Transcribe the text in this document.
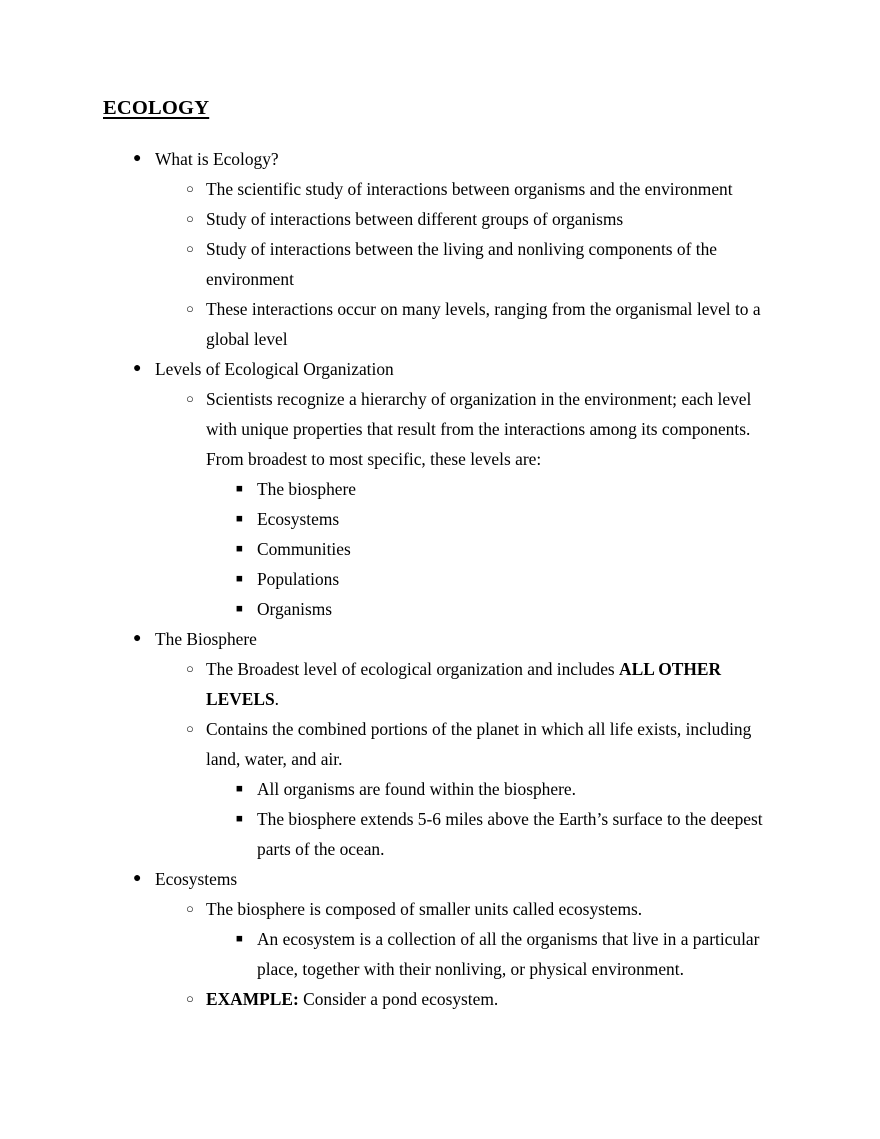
ECOLOGY
● What is Ecology?
○ The scientific study of interactions between organisms and the environment
○ Study of interactions between different groups of organisms
○ Study of interactions between the living and nonliving components of the environment
○ These interactions occur on many levels, ranging from the organismal level to a global level
● Levels of Ecological Organization
○ Scientists recognize a hierarchy of organization in the environment; each level with unique properties that result from the interactions among its components. From broadest to most specific, these levels are:
■ The biosphere
■ Ecosystems
■ Communities
■ Populations
■ Organisms
● The Biosphere
○ The Broadest level of ecological organization and includes ALL OTHER LEVELS.
○ Contains the combined portions of the planet in which all life exists, including land, water, and air.
■ All organisms are found within the biosphere.
■ The biosphere extends 5-6 miles above the Earth’s surface to the deepest parts of the ocean.
● Ecosystems
○ The biosphere is composed of smaller units called ecosystems.
■ An ecosystem is a collection of all the organisms that live in a particular place, together with their nonliving, or physical environment.
○ EXAMPLE: Consider a pond ecosystem.
